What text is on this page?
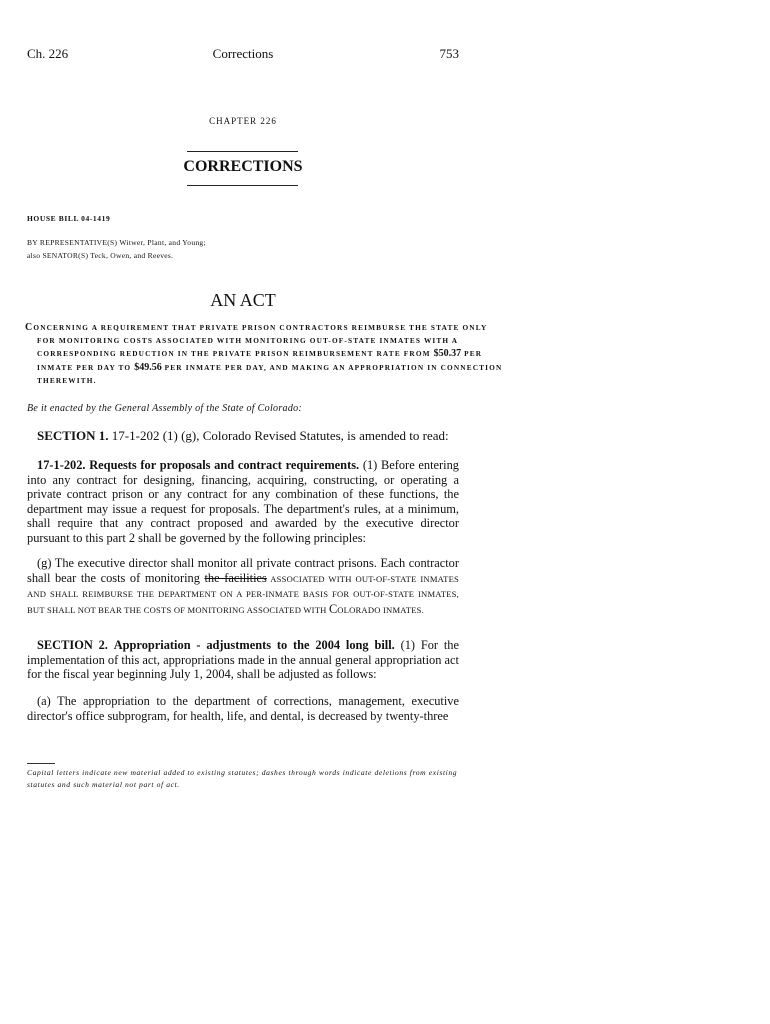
Ch. 226	Corrections	753
CHAPTER 226
CORRECTIONS
HOUSE BILL 04-1419
BY REPRESENTATIVE(S) Witwer, Plant, and Young;
also SENATOR(S) Teck, Owen, and Reeves.
AN ACT
CONCERNING A REQUIREMENT THAT PRIVATE PRISON CONTRACTORS REIMBURSE THE STATE ONLY
FOR MONITORING COSTS ASSOCIATED WITH MONITORING OUT-OF-STATE INMATES WITH A
CORRESPONDING REDUCTION IN THE PRIVATE PRISON REIMBURSEMENT RATE FROM $50.37 PER
INMATE PER DAY TO $49.56 PER INMATE PER DAY, AND MAKING AN APPROPRIATION IN CONNECTION
THEREWITH.
Be it enacted by the General Assembly of the State of Colorado:
SECTION 1. 17-1-202 (1) (g), Colorado Revised Statutes, is amended to read:
17-1-202. Requests for proposals and contract requirements. (1) Before entering into any contract for designing, financing, acquiring, constructing, or operating a private contract prison or any contract for any combination of these functions, the department may issue a request for proposals. The department's rules, at a minimum, shall require that any contract proposed and awarded by the executive director pursuant to this part 2 shall be governed by the following principles:
(g) The executive director shall monitor all private contract prisons. Each contractor shall bear the costs of monitoring the facilities ASSOCIATED WITH OUT-OF-STATE INMATES AND SHALL REIMBURSE THE DEPARTMENT ON A PER-INMATE BASIS FOR OUT-OF-STATE INMATES, BUT SHALL NOT BEAR THE COSTS OF MONITORING ASSOCIATED WITH COLORADO INMATES.
SECTION 2. Appropriation - adjustments to the 2004 long bill. (1) For the implementation of this act, appropriations made in the annual general appropriation act for the fiscal year beginning July 1, 2004, shall be adjusted as follows:
(a) The appropriation to the department of corrections, management, executive director's office subprogram, for health, life, and dental, is decreased by twenty-three
Capital letters indicate new material added to existing statutes; dashes through words indicate deletions from existing statutes and such material not part of act.
